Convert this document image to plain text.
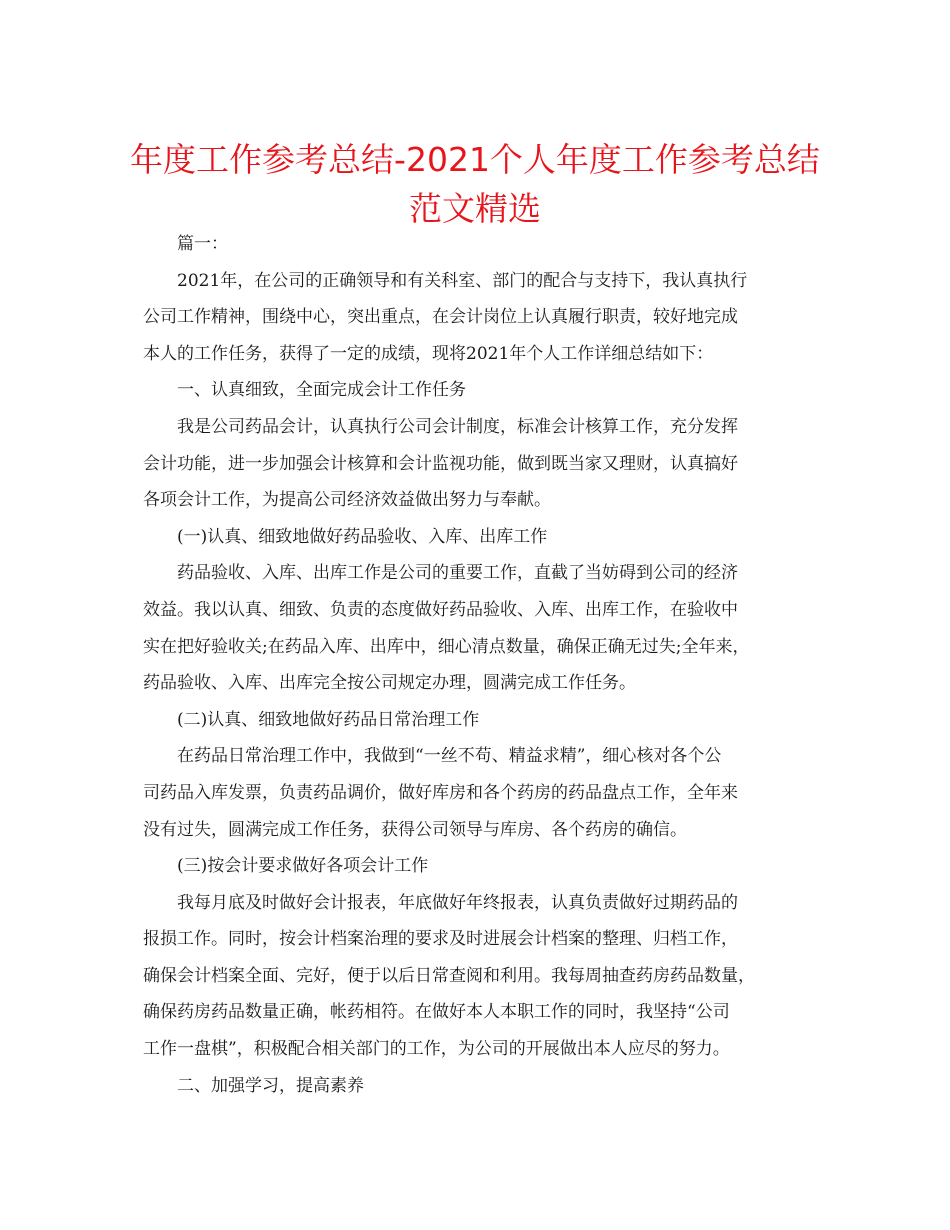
年度工作参考总结-2021个人年度工作参考总结
范文精选
篇一：
2021年，在公司的正确领导和有关科室、部门的配合与支持下，我认真执行
公司工作精神，围绕中心，突出重点，在会计岗位上认真履行职责，较好地完成
本人的工作任务，获得了一定的成绩，现将2021年个人工作详细总结如下：
一、认真细致，全面完成会计工作任务
我是公司药品会计，认真执行公司会计制度，标准会计核算工作，充分发挥
会计功能，进一步加强会计核算和会计监视功能，做到既当家又理财，认真搞好
各项会计工作，为提高公司经济效益做出努力与奉献。
(一)认真、细致地做好药品验收、入库、出库工作
药品验收、入库、出库工作是公司的重要工作，直截了当妨碍到公司的经济
效益。我以认真、细致、负责的态度做好药品验收、入库、出库工作，在验收中
实在把好验收关;在药品入库、出库中，细心清点数量，确保正确无过失;全年来，
药品验收、入库、出库完全按公司规定办理，圆满完成工作任务。
(二)认真、细致地做好药品日常治理工作
在药品日常治理工作中，我做到“一丝不苟、精益求精”，细心核对各个公
司药品入库发票，负责药品调价，做好库房和各个药房的药品盘点工作，全年来
没有过失，圆满完成工作任务，获得公司领导与库房、各个药房的确信。
(三)按会计要求做好各项会计工作
我每月底及时做好会计报表，年底做好年终报表，认真负责做好过期药品的
报损工作。同时，按会计档案治理的要求及时进展会计档案的整理、归档工作，
确保会计档案全面、完好，便于以后日常查阅和利用。我每周抽查药房药品数量，
确保药房药品数量正确，帐药相符。在做好本人本职工作的同时，我坚持“公司
工作一盘棋”，积极配合相关部门的工作，为公司的开展做出本人应尽的努力。
二、加强学习，提高素养
